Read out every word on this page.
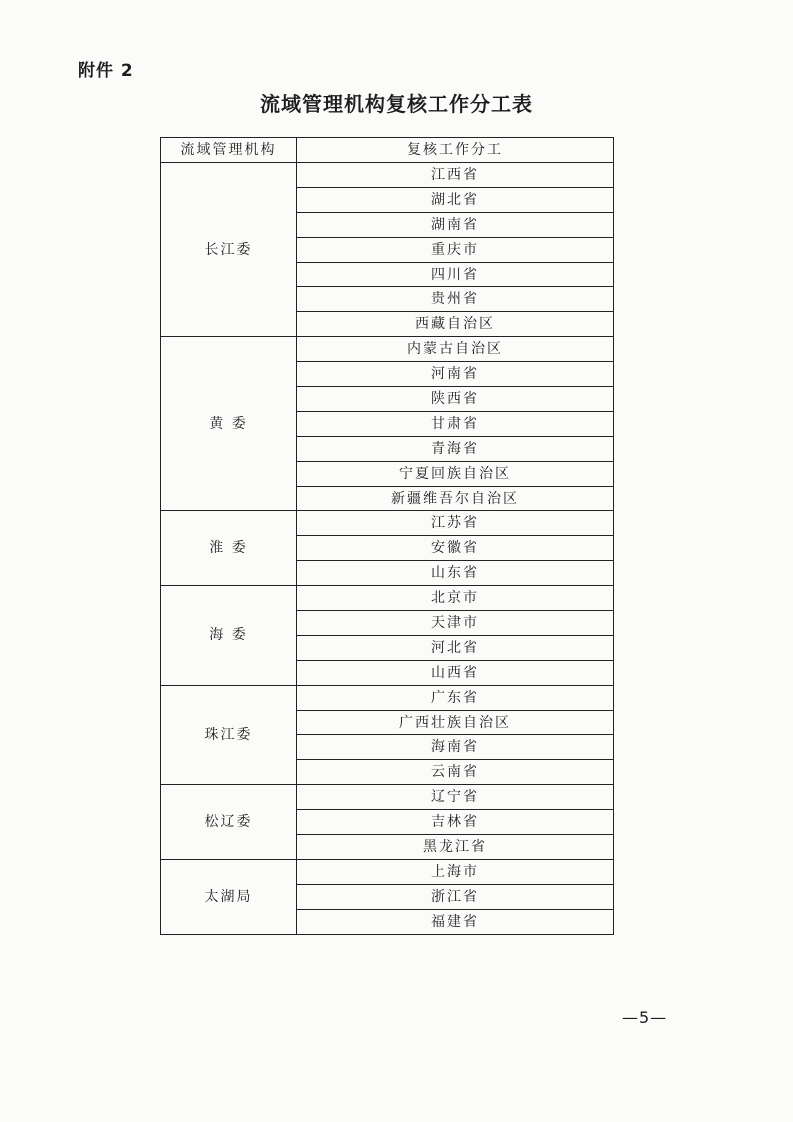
附件 2
流域管理机构复核工作分工表
流域管理机构	复核工作分工
长江委	江西省
	湖北省
	湖南省
	重庆市
	四川省
	贵州省
	西藏自治区
黄 委	内蒙古自治区
	河南省
	陕西省
	甘肃省
	青海省
	宁夏回族自治区
	新疆维吾尔自治区
淮 委	江苏省
	安徽省
	山东省
海 委	北京市
	天津市
	河北省
	山西省
珠江委	广东省
	广西壮族自治区
	海南省
	云南省
松辽委	辽宁省
	吉林省
	黑龙江省
太湖局	上海市
	浙江省
	福建省
—5—
